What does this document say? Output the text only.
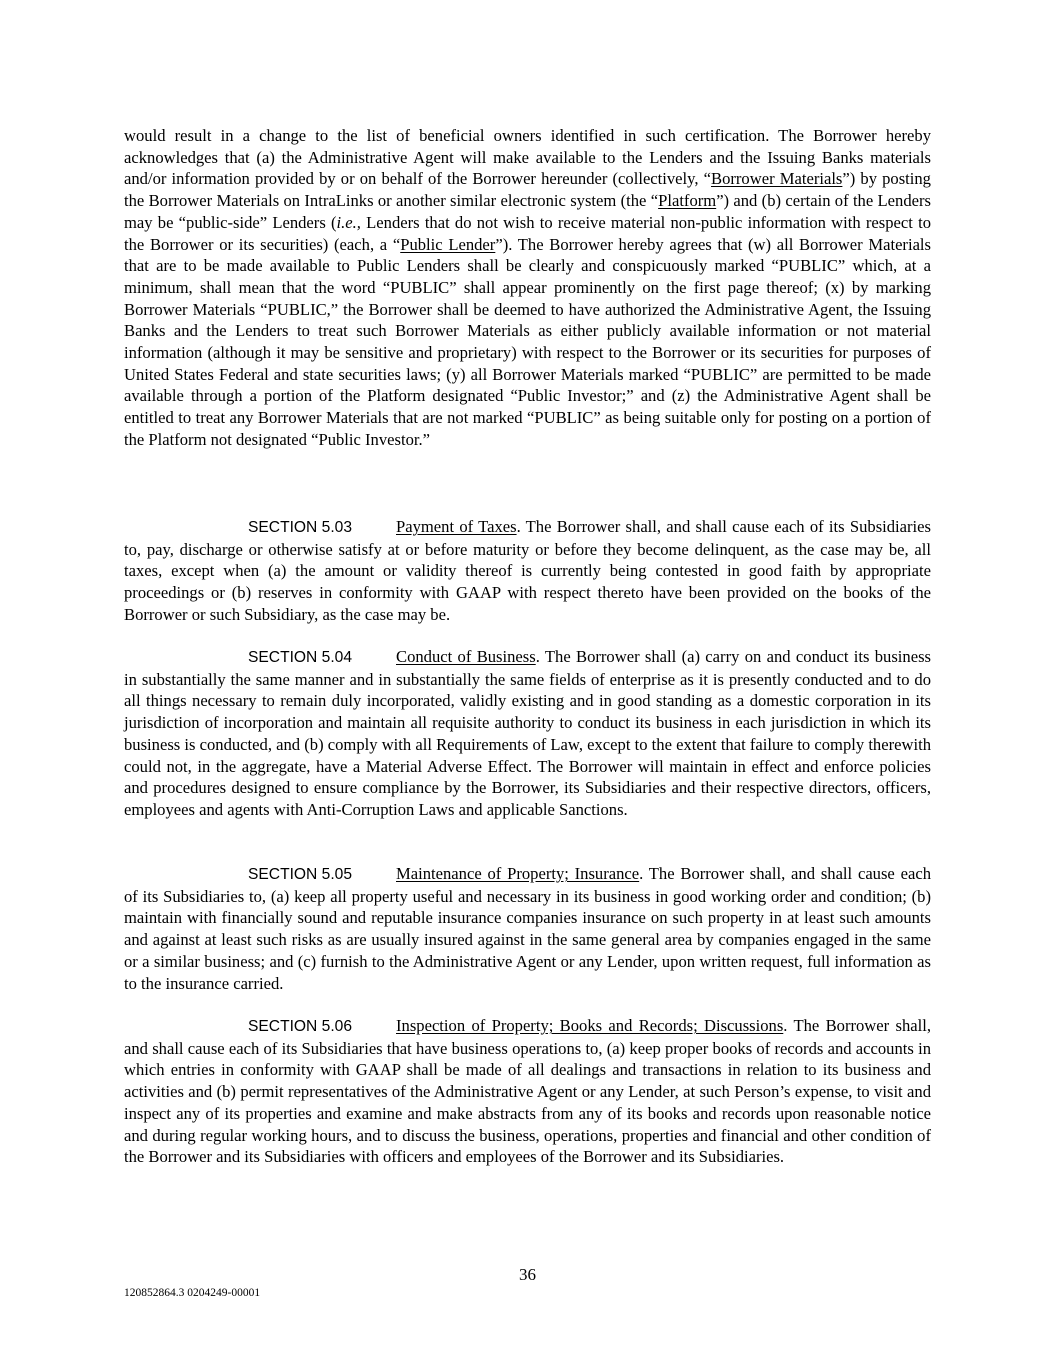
would result in a change to the list of beneficial owners identified in such certification. The Borrower hereby acknowledges that (a) the Administrative Agent will make available to the Lenders and the Issuing Banks materials and/or information provided by or on behalf of the Borrower hereunder (collectively, “Borrower Materials”) by posting the Borrower Materials on IntraLinks or another similar electronic system (the “Platform”) and (b) certain of the Lenders may be “public-side” Lenders (i.e., Lenders that do not wish to receive material non-public information with respect to the Borrower or its securities) (each, a “Public Lender”). The Borrower hereby agrees that (w) all Borrower Materials that are to be made available to Public Lenders shall be clearly and conspicuously marked “PUBLIC” which, at a minimum, shall mean that the word “PUBLIC” shall appear prominently on the first page thereof; (x) by marking Borrower Materials “PUBLIC,” the Borrower shall be deemed to have authorized the Administrative Agent, the Issuing Banks and the Lenders to treat such Borrower Materials as either publicly available information or not material information (although it may be sensitive and proprietary) with respect to the Borrower or its securities for purposes of United States Federal and state securities laws; (y) all Borrower Materials marked “PUBLIC” are permitted to be made available through a portion of the Platform designated “Public Investor;” and (z) the Administrative Agent shall be entitled to treat any Borrower Materials that are not marked “PUBLIC” as being suitable only for posting on a portion of the Platform not designated “Public Investor.”

SECTION 5.03	Payment of Taxes. The Borrower shall, and shall cause each of its Subsidiaries to, pay, discharge or otherwise satisfy at or before maturity or before they become delinquent, as the case may be, all taxes, except when (a) the amount or validity thereof is currently being contested in good faith by appropriate proceedings or (b) reserves in conformity with GAAP with respect thereto have been provided on the books of the Borrower or such Subsidiary, as the case may be.

SECTION 5.04	Conduct of Business. The Borrower shall (a) carry on and conduct its business in substantially the same manner and in substantially the same fields of enterprise as it is presently conducted and to do all things necessary to remain duly incorporated, validly existing and in good standing as a domestic corporation in its jurisdiction of incorporation and maintain all requisite authority to conduct its business in each jurisdiction in which its business is conducted, and (b) comply with all Requirements of Law, except to the extent that failure to comply therewith could not, in the aggregate, have a Material Adverse Effect. The Borrower will maintain in effect and enforce policies and procedures designed to ensure compliance by the Borrower, its Subsidiaries and their respective directors, officers, employees and agents with Anti-Corruption Laws and applicable Sanctions.

SECTION 5.05	Maintenance of Property; Insurance. The Borrower shall, and shall cause each of its Subsidiaries to, (a) keep all property useful and necessary in its business in good working order and condition; (b) maintain with financially sound and reputable insurance companies insurance on such property in at least such amounts and against at least such risks as are usually insured against in the same general area by companies engaged in the same or a similar business; and (c) furnish to the Administrative Agent or any Lender, upon written request, full information as to the insurance carried.

SECTION 5.06	Inspection of Property; Books and Records; Discussions. The Borrower shall, and shall cause each of its Subsidiaries that have business operations to, (a) keep proper books of records and accounts in which entries in conformity with GAAP shall be made of all dealings and transactions in relation to its business and activities and (b) permit representatives of the Administrative Agent or any Lender, at such Person’s expense, to visit and inspect any of its properties and examine and make abstracts from any of its books and records upon reasonable notice and during regular working hours, and to discuss the business, operations, properties and financial and other condition of the Borrower and its Subsidiaries with officers and employees of the Borrower and its Subsidiaries.

36
120852864.3 0204249-00001
